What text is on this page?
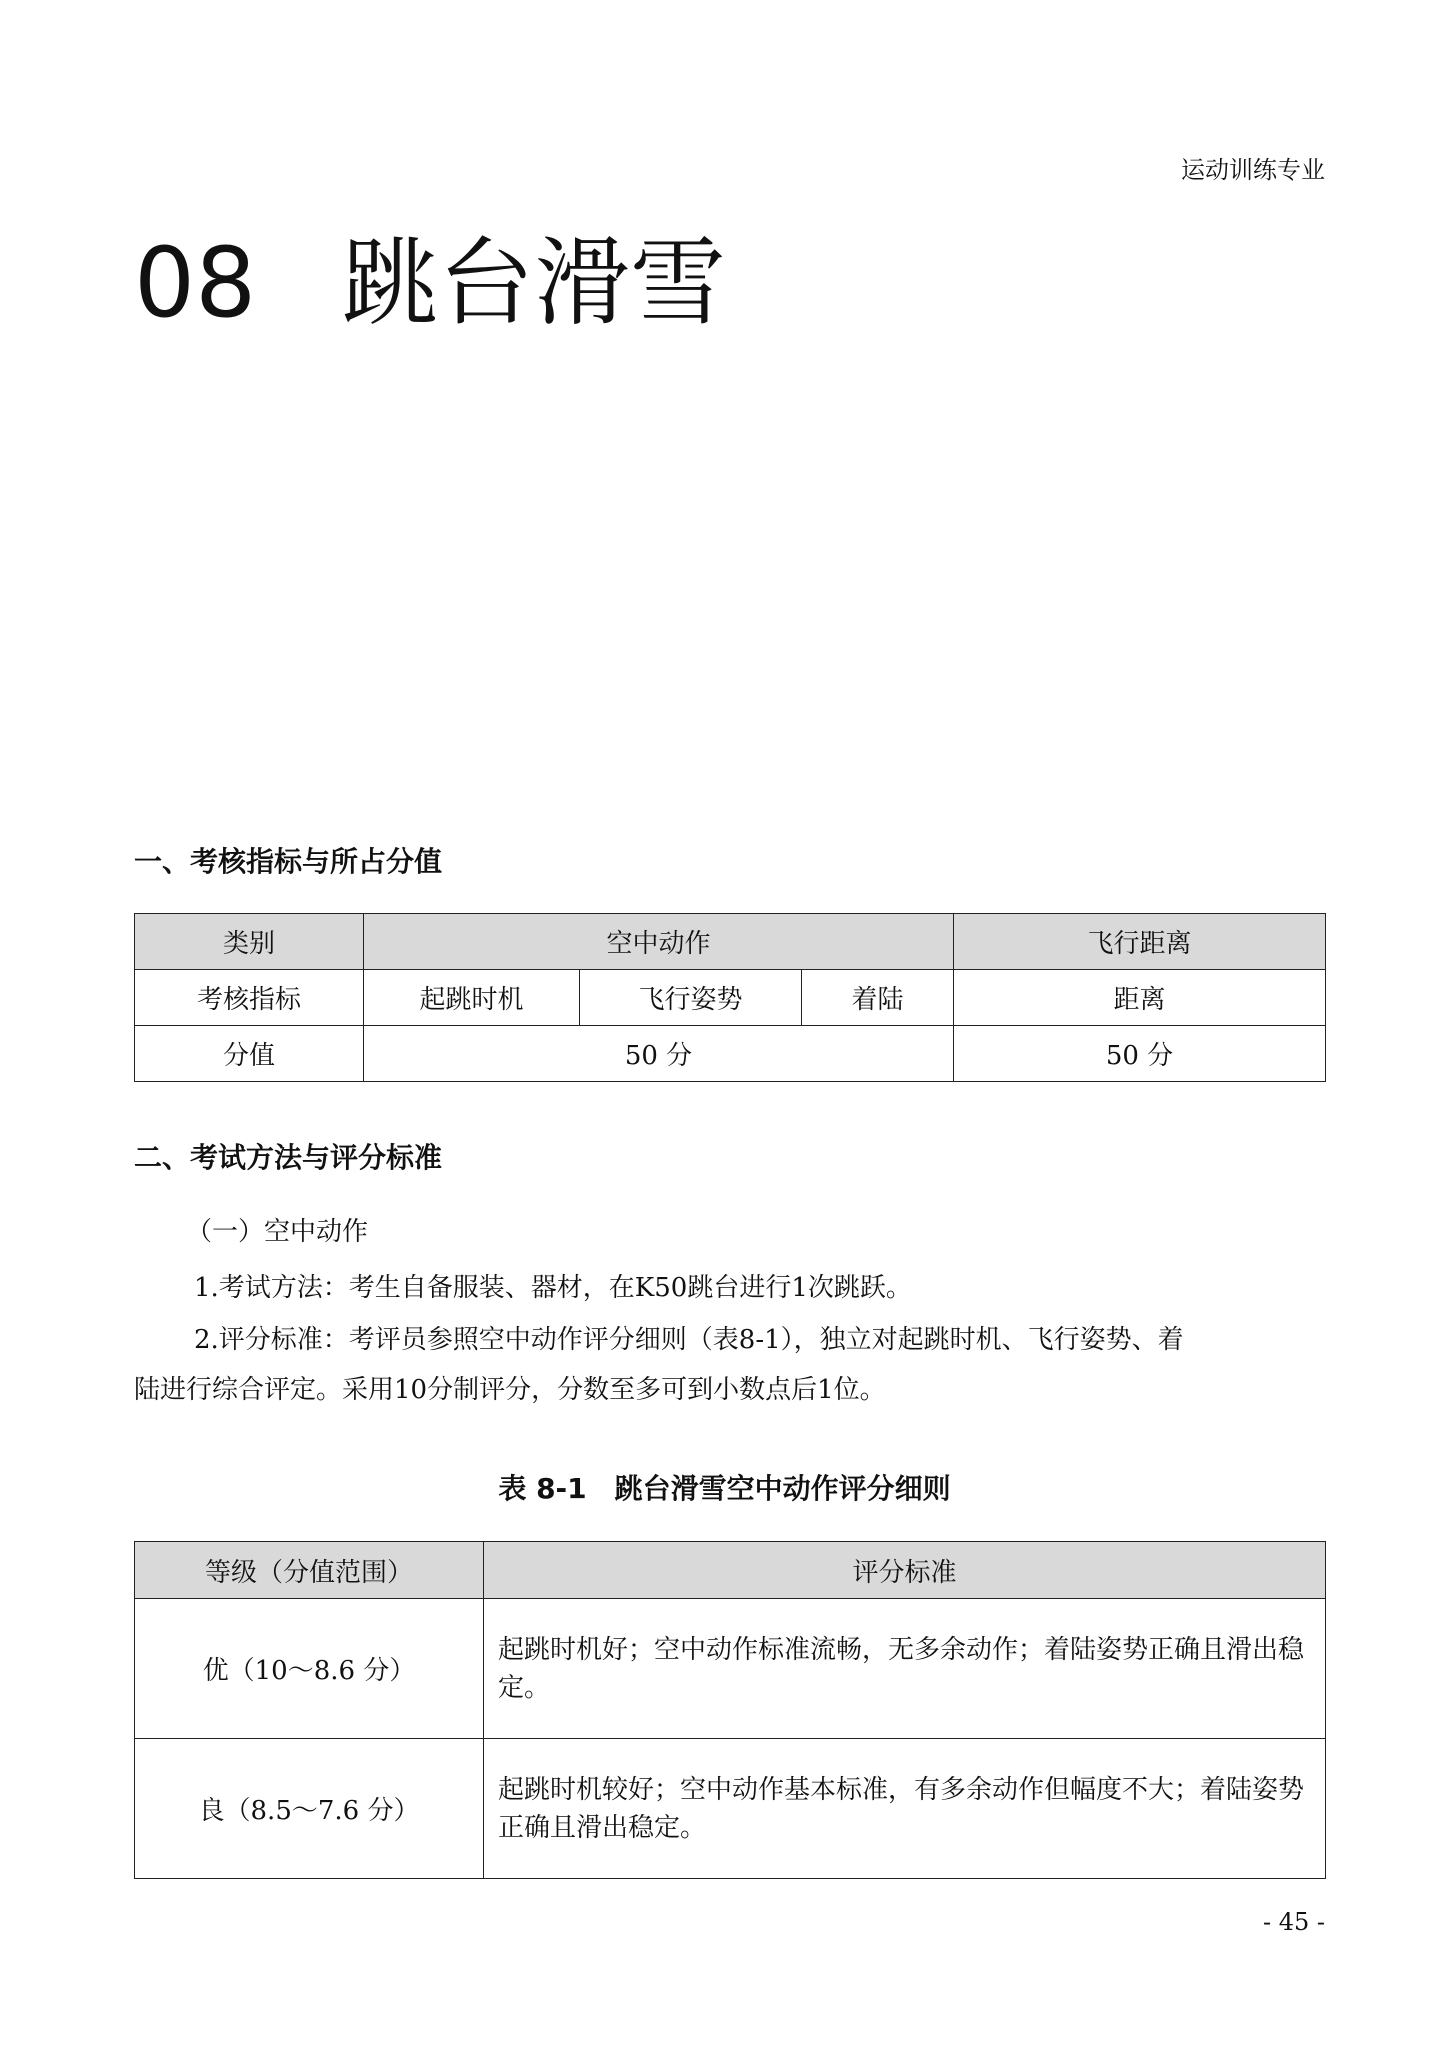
运动训练专业
08 跳台滑雪
一、考核指标与所占分值
类别	空中动作			飞行距离
考核指标	起跳时机	飞行姿势	着陆	距离
分值	50 分			50 分
二、考试方法与评分标准
（一）空中动作
1.考试方法：考生自备服装、器材，在K50跳台进行1次跳跃。
2.评分标准：考评员参照空中动作评分细则（表8-1），独立对起跳时机、飞行姿势、着
陆进行综合评定。采用10分制评分，分数至多可到小数点后1位。
表 8-1　跳台滑雪空中动作评分细则
等级（分值范围）	评分标准
优（10～8.6 分）	起跳时机好；空中动作标准流畅，无多余动作；着陆姿势正确且滑出稳定。
良（8.5～7.6 分）	起跳时机较好；空中动作基本标准，有多余动作但幅度不大；着陆姿势正确且滑出稳定。
- 45 -
